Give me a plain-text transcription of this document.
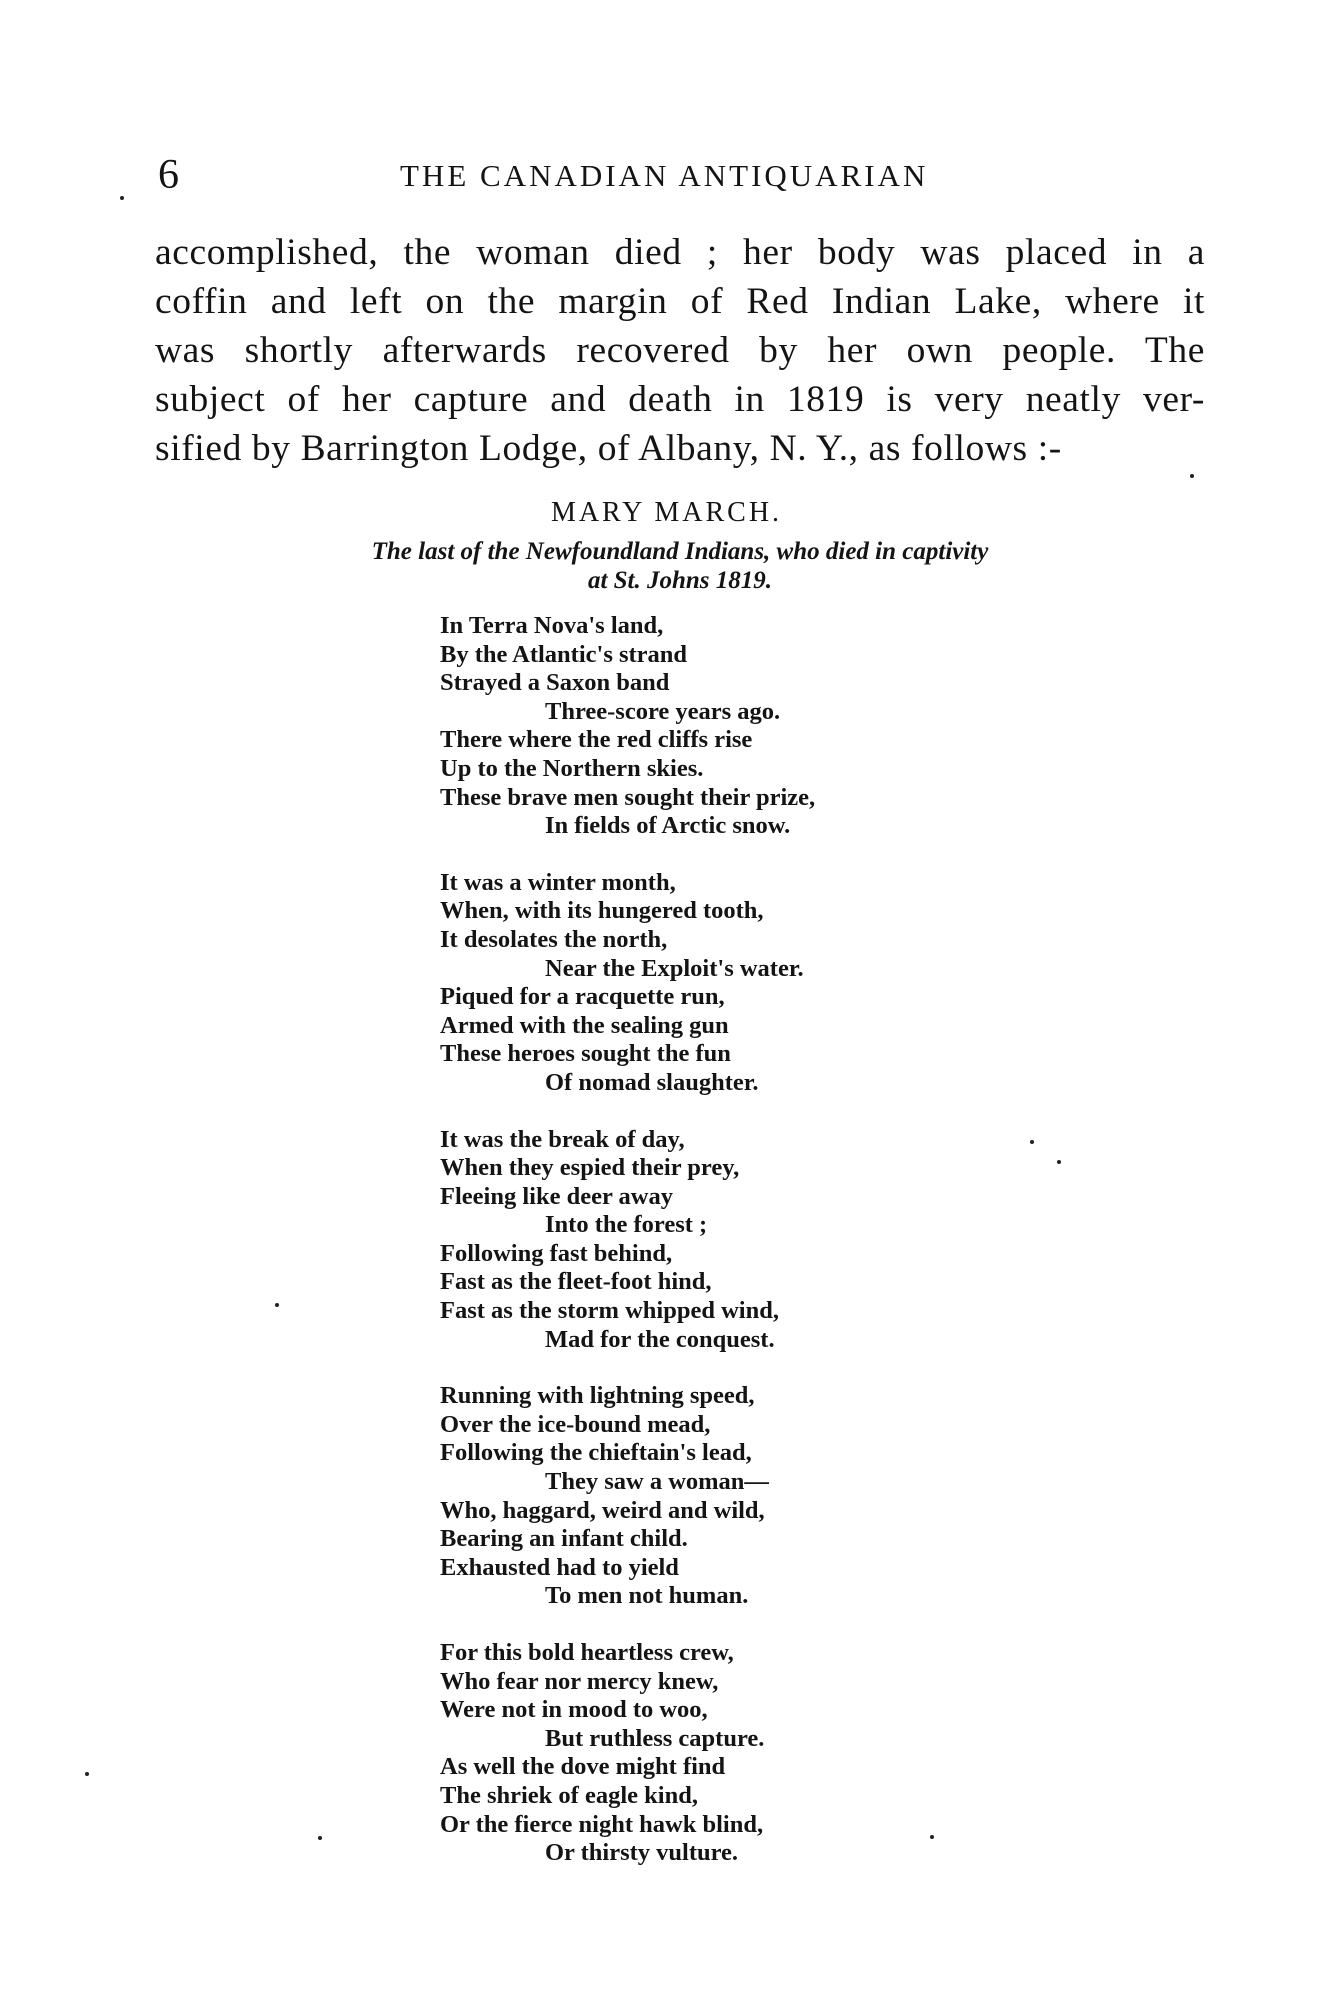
6	THE CANADIAN ANTIQUARIAN
accomplished, the woman died ; her body was placed in a
coffin and left on the margin of Red Indian Lake, where it
was shortly afterwards recovered by her own people. The
subject of her capture and death in 1819 is very neatly ver-
sified by Barrington Lodge, of Albany, N. Y., as follows :-
MARY MARCH.
The last of the Newfoundland Indians, who died in captivity
at St. Johns 1819.
In Terra Nova's land,
By the Atlantic's strand
Strayed a Saxon band
Three-score years ago.
There where the red cliffs rise
Up to the Northern skies.
These brave men sought their prize,
In fields of Arctic snow.
It was a winter month,
When, with its hungered tooth,
It desolates the north,
Near the Exploit's water.
Piqued for a racquette run,
Armed with the sealing gun
These heroes sought the fun
Of nomad slaughter.
It was the break of day,
When they espied their prey,
Fleeing like deer away
Into the forest ;
Following fast behind,
Fast as the fleet-foot hind,
Fast as the storm whipped wind,
Mad for the conquest.
Running with lightning speed,
Over the ice-bound mead,
Following the chieftain's lead,
They saw a woman—
Who, haggard, weird and wild,
Bearing an infant child.
Exhausted had to yield
To men not human.
For this bold heartless crew,
Who fear nor mercy knew,
Were not in mood to woo,
But ruthless capture.
As well the dove might find
The shriek of eagle kind,
Or the fierce night hawk blind,
Or thirsty vulture.
